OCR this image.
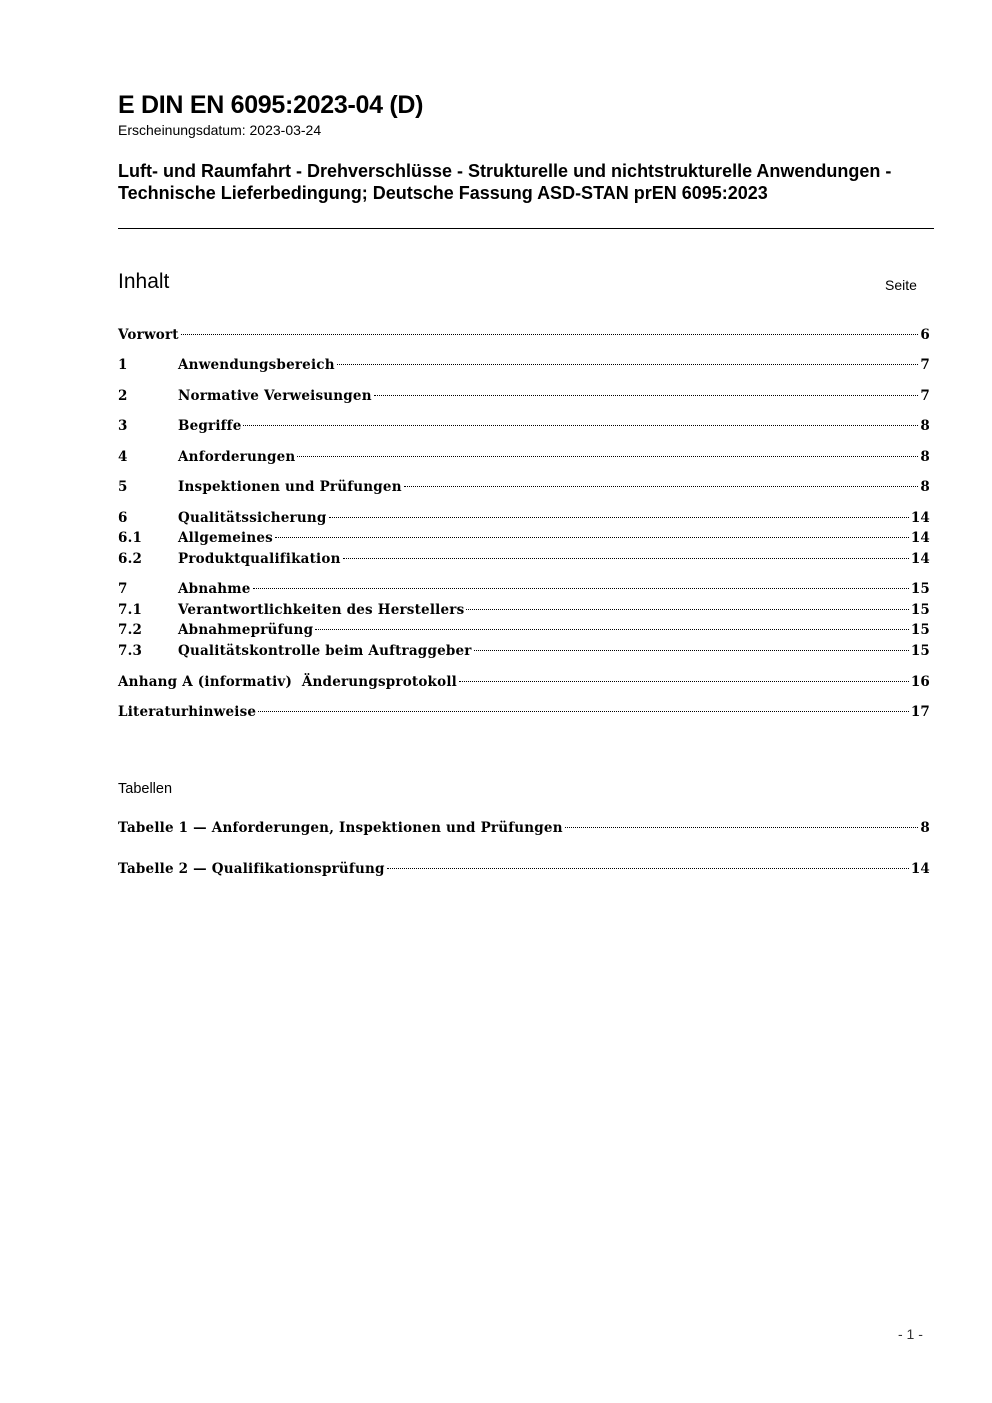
E DIN EN 6095:2023-04 (D)
Erscheinungsdatum: 2023-03-24
Luft- und Raumfahrt - Drehverschlüsse - Strukturelle und nichtstrukturelle Anwendungen - Technische Lieferbedingung; Deutsche Fassung ASD-STAN prEN 6095:2023
Inhalt	Seite
Vorwort	6
1	Anwendungsbereich	7
2	Normative Verweisungen	7
3	Begriffe	8
4	Anforderungen	8
5	Inspektionen und Prüfungen	8
6	Qualitätssicherung	14
6.1	Allgemeines	14
6.2	Produktqualifikation	14
7	Abnahme	15
7.1	Verantwortlichkeiten des Herstellers	15
7.2	Abnahmeprüfung	15
7.3	Qualitätskontrolle beim Auftraggeber	15
Anhang A (informativ)  Änderungsprotokoll	16
Literaturhinweise	17
Tabellen
Tabelle 1 — Anforderungen, Inspektionen und Prüfungen	8
Tabelle 2 — Qualifikationsprüfung	14
- 1 -
